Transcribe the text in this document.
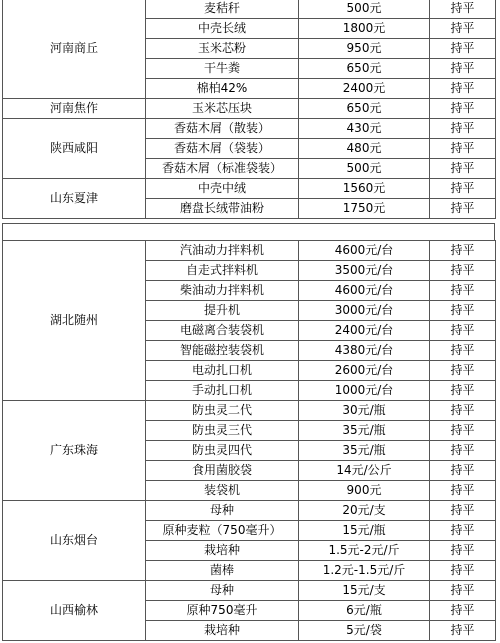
河南商丘	麦秸秆	500元	持平
	中壳长绒	1800元	持平
	玉米芯粉	950元	持平
	干牛粪	650元	持平
	棉柏42%	2400元	持平
河南焦作	玉米芯压块	650元	持平
陕西咸阳	香菇木屑（散装）	430元	持平
	香菇木屑（袋装）	480元	持平
	香菇木屑（标准袋装）	500元	持平
山东夏津	中壳中绒	1560元	持平
	磨盘长绒带油粉	1750元	持平
湖北随州	汽油动力拌料机	4600元/台	持平
	自走式拌料机	3500元/台	持平
	柴油动力拌料机	4600元/台	持平
	提升机	3000元/台	持平
	电磁离合装袋机	2400元/台	持平
	智能磁控装袋机	4380元/台	持平
	电动扎口机	2600元/台	持平
	手动扎口机	1000元/台	持平
广东珠海	防虫灵二代	30元/瓶	持平
	防虫灵三代	35元/瓶	持平
	防虫灵四代	35元/瓶	持平
	食用菌胶袋	14元/公斤	持平
	装袋机	900元	持平
山东烟台	母种	20元/支	持平
	原种麦粒（750毫升）	15元/瓶	持平
	栽培种	1.5元-2元/斤	持平
	菌棒	1.2元-1.5元/斤	持平
山西榆林	母种	15元/支	持平
	原种750毫升	6元/瓶	持平
	栽培种	5元/袋	持平
